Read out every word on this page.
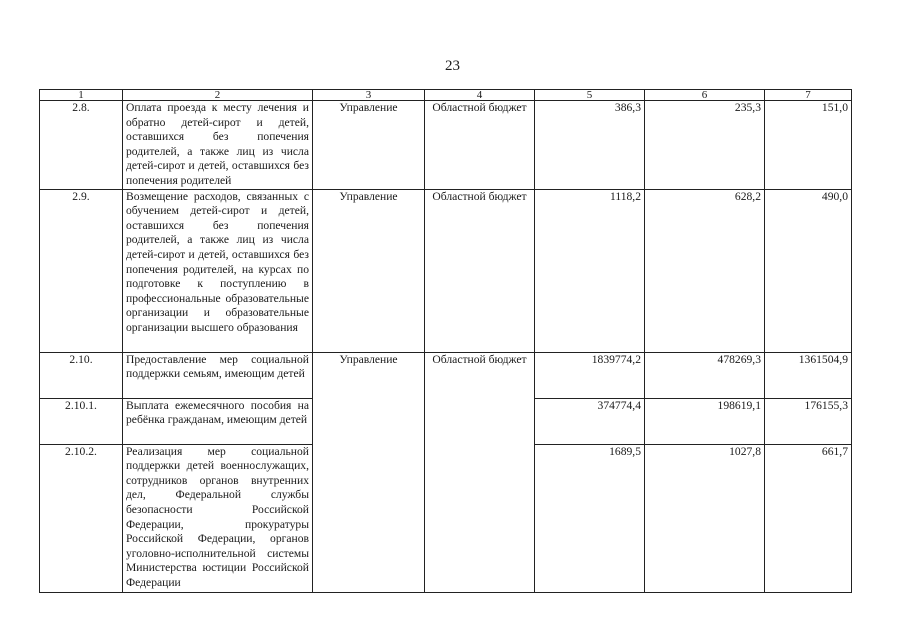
23
1	2	3	4	5	6	7
2.8.	Оплата проезда к месту лечения и обратно детей-сирот и детей, оставшихся без попечения родителей, а также лиц из числа детей-сирот и детей, оставшихся без попечения родителей	Управление	Областной бюджет	386,3	235,3	151,0
2.9.	Возмещение расходов, связанных с обучением детей-сирот и детей, оставшихся без попечения родителей, а также лиц из числа детей-сирот и детей, оставшихся без попечения родителей, на курсах по подготовке к поступлению в профессиональные образовательные организации и образовательные организации высшего образования	Управление	Областной бюджет	1118,2	628,2	490,0
2.10.	Предоставление мер социальной поддержки семьям, имеющим детей	Управление	Областной бюджет	1839774,2	478269,3	1361504,9
2.10.1.	Выплата ежемесячного пособия на ребёнка гражданам, имеющим детей			374774,4	198619,1	176155,3
2.10.2.	Реализация мер социальной поддержки детей военнослужащих, сотрудников органов внутренних дел, Федеральной службы безопасности Российской Федерации, прокуратуры Российской Федерации, органов уголовно-исполнительной системы Министерства юстиции Российской Федерации			1689,5	1027,8	661,7
